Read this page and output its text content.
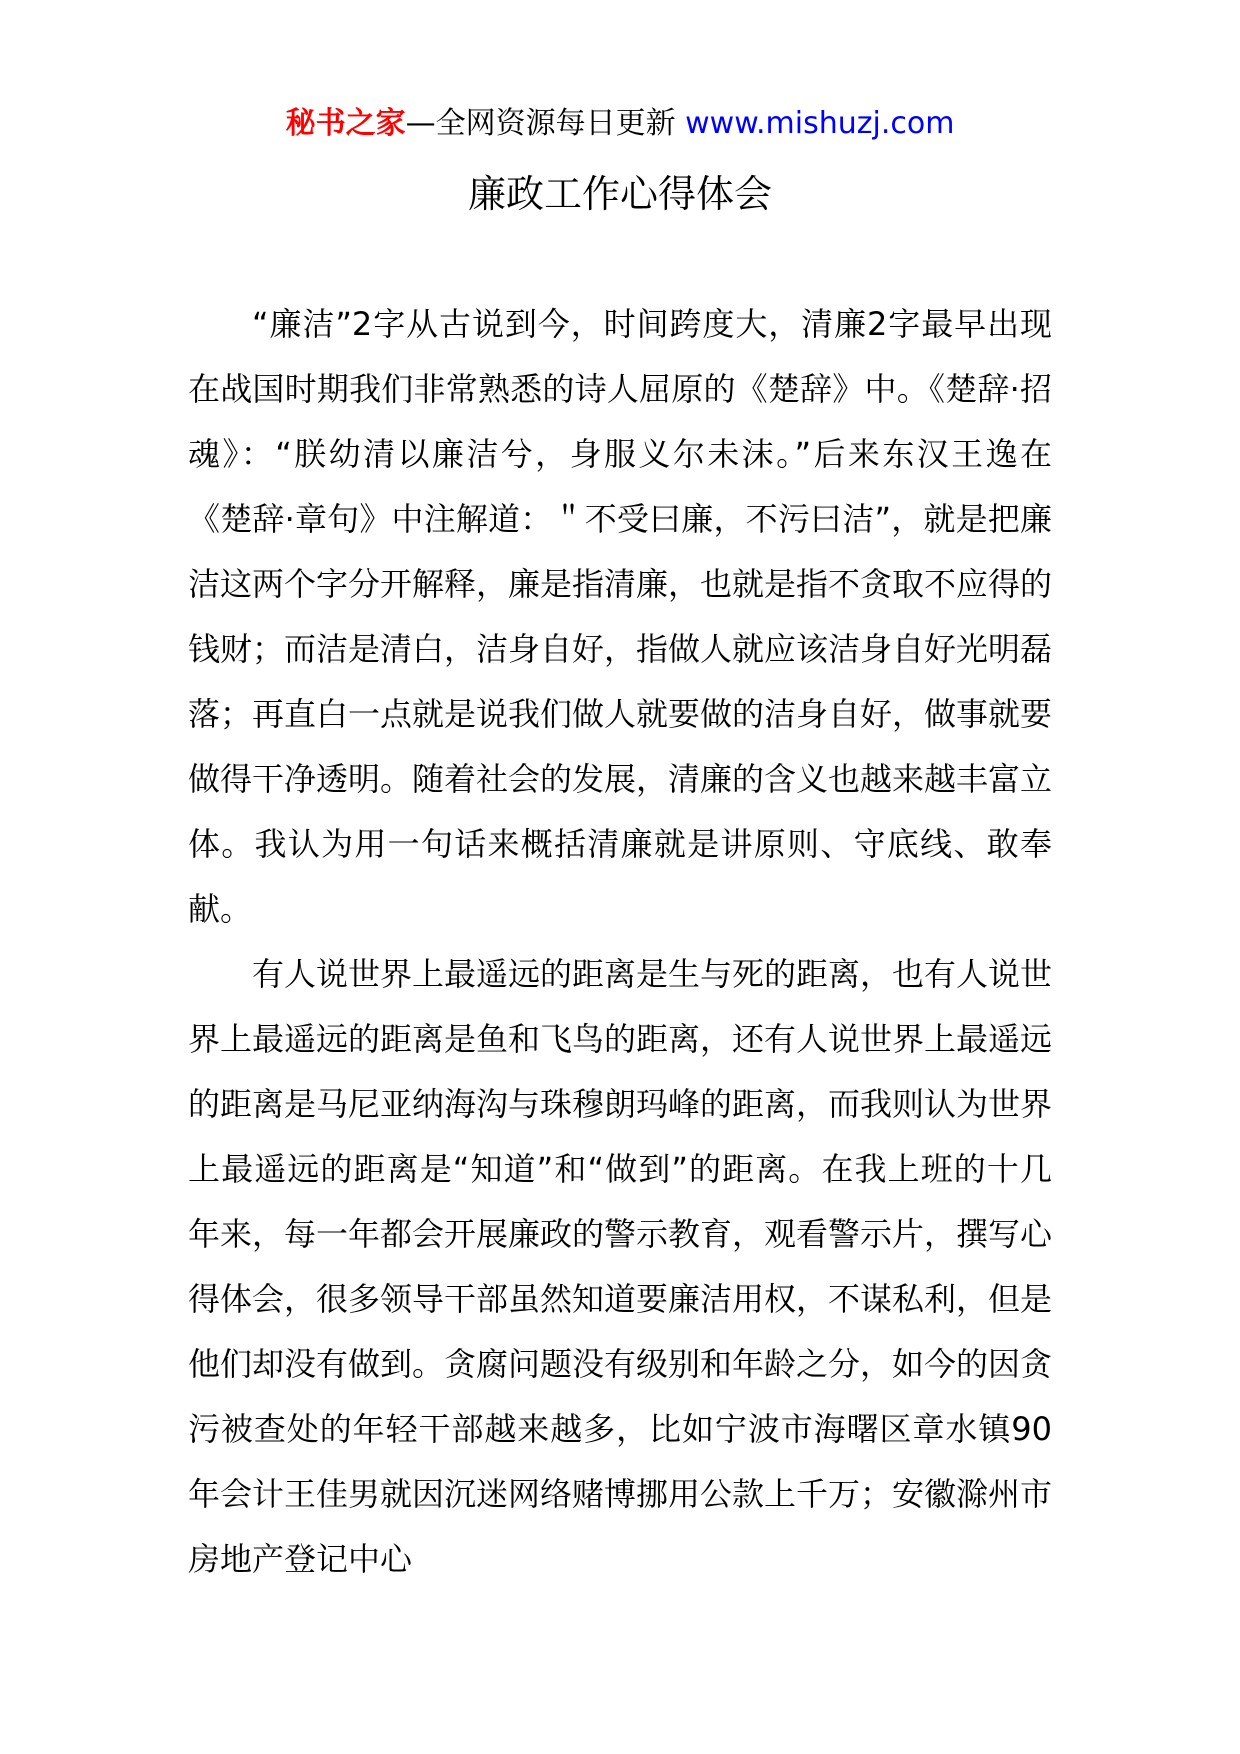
秘书之家—全网资源每日更新 www.mishuzj.com
廉政工作心得体会

“廉洁”2字从古说到今，时间跨度大，清廉2字最早出现在战国时期我们非常熟悉的诗人屈原的《楚辞》中。《楚辞·招魂》：“朕幼清以廉洁兮，身服义尔未沫。”后来东汉王逸在《楚辞·章句》中注解道：＂不受曰廉，不污曰洁”，就是把廉洁这两个字分开解释，廉是指清廉，也就是指不贪取不应得的钱财；而洁是清白，洁身自好，指做人就应该洁身自好光明磊落；再直白一点就是说我们做人就要做的洁身自好，做事就要做得干净透明。随着社会的发展，清廉的含义也越来越丰富立体。我认为用一句话来概括清廉就是讲原则、守底线、敢奉献。

有人说世界上最遥远的距离是生与死的距离，也有人说世界上最遥远的距离是鱼和飞鸟的距离，还有人说世界上最遥远的距离是马尼亚纳海沟与珠穆朗玛峰的距离，而我则认为世界上最遥远的距离是“知道”和“做到”的距离。在我上班的十几年来，每一年都会开展廉政的警示教育，观看警示片，撰写心得体会，很多领导干部虽然知道要廉洁用权，不谋私利，但是他们却没有做到。贪腐问题没有级别和年龄之分，如今的因贪污被查处的年轻干部越来越多，比如宁波市海曙区章水镇90年会计王佳男就因沉迷网络赌博挪用公款上千万；安徽滁州市房地产登记中心
